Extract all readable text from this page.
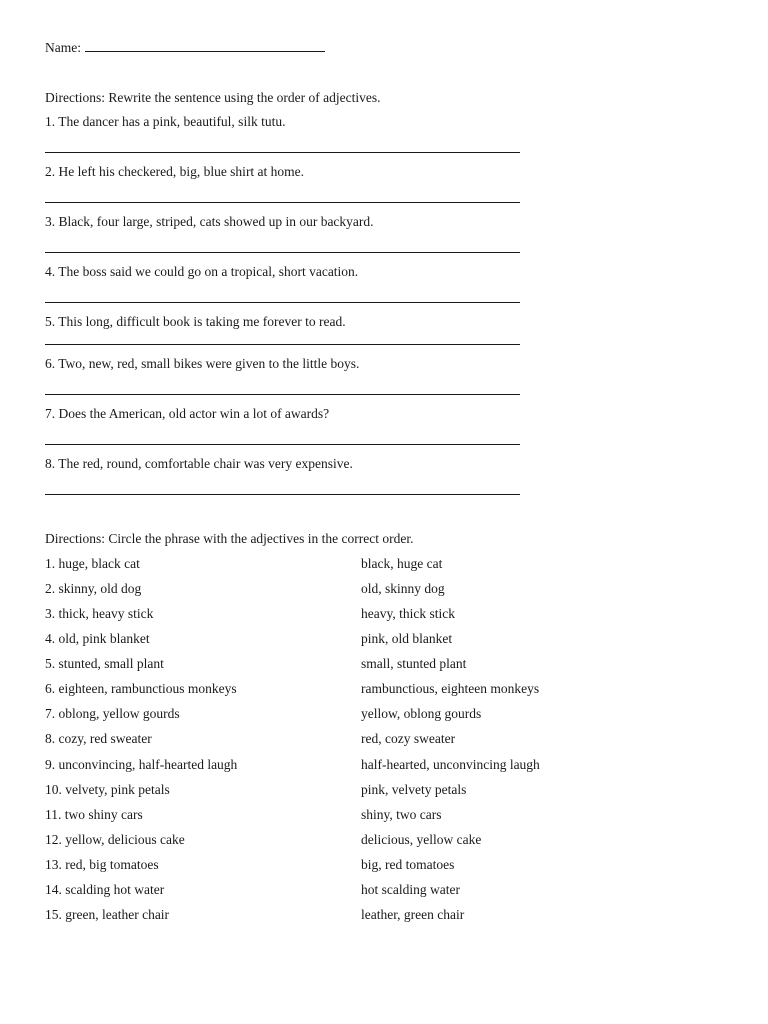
Name:
Directions: Rewrite the sentence using the order of adjectives.
1. The dancer has a pink, beautiful, silk tutu.
2. He left his checkered, big, blue shirt at home.
3. Black, four large, striped, cats showed up in our backyard.
4. The boss said we could go on a tropical, short vacation.
5. This long, difficult book is taking me forever to read.
6. Two, new, red, small bikes were given to the little boys.
7. Does the American, old actor win a lot of awards?
8. The red, round, comfortable chair was very expensive.
Directions: Circle the phrase with the adjectives in the correct order.
1. huge, black cat	black, huge cat
2. skinny, old dog	old, skinny dog
3. thick, heavy stick	heavy, thick stick
4. old, pink blanket	pink, old blanket
5. stunted, small plant	small, stunted plant
6. eighteen, rambunctious monkeys	rambunctious, eighteen monkeys
7. oblong, yellow gourds	yellow, oblong gourds
8. cozy, red sweater	red, cozy sweater
9. unconvincing, half-hearted laugh	half-hearted, unconvincing laugh
10. velvety, pink petals	pink, velvety petals
11. two shiny cars	shiny, two cars
12. yellow, delicious cake	delicious, yellow cake
13. red, big tomatoes	big, red tomatoes
14. scalding hot water	hot scalding water
15. green, leather chair	leather, green chair
